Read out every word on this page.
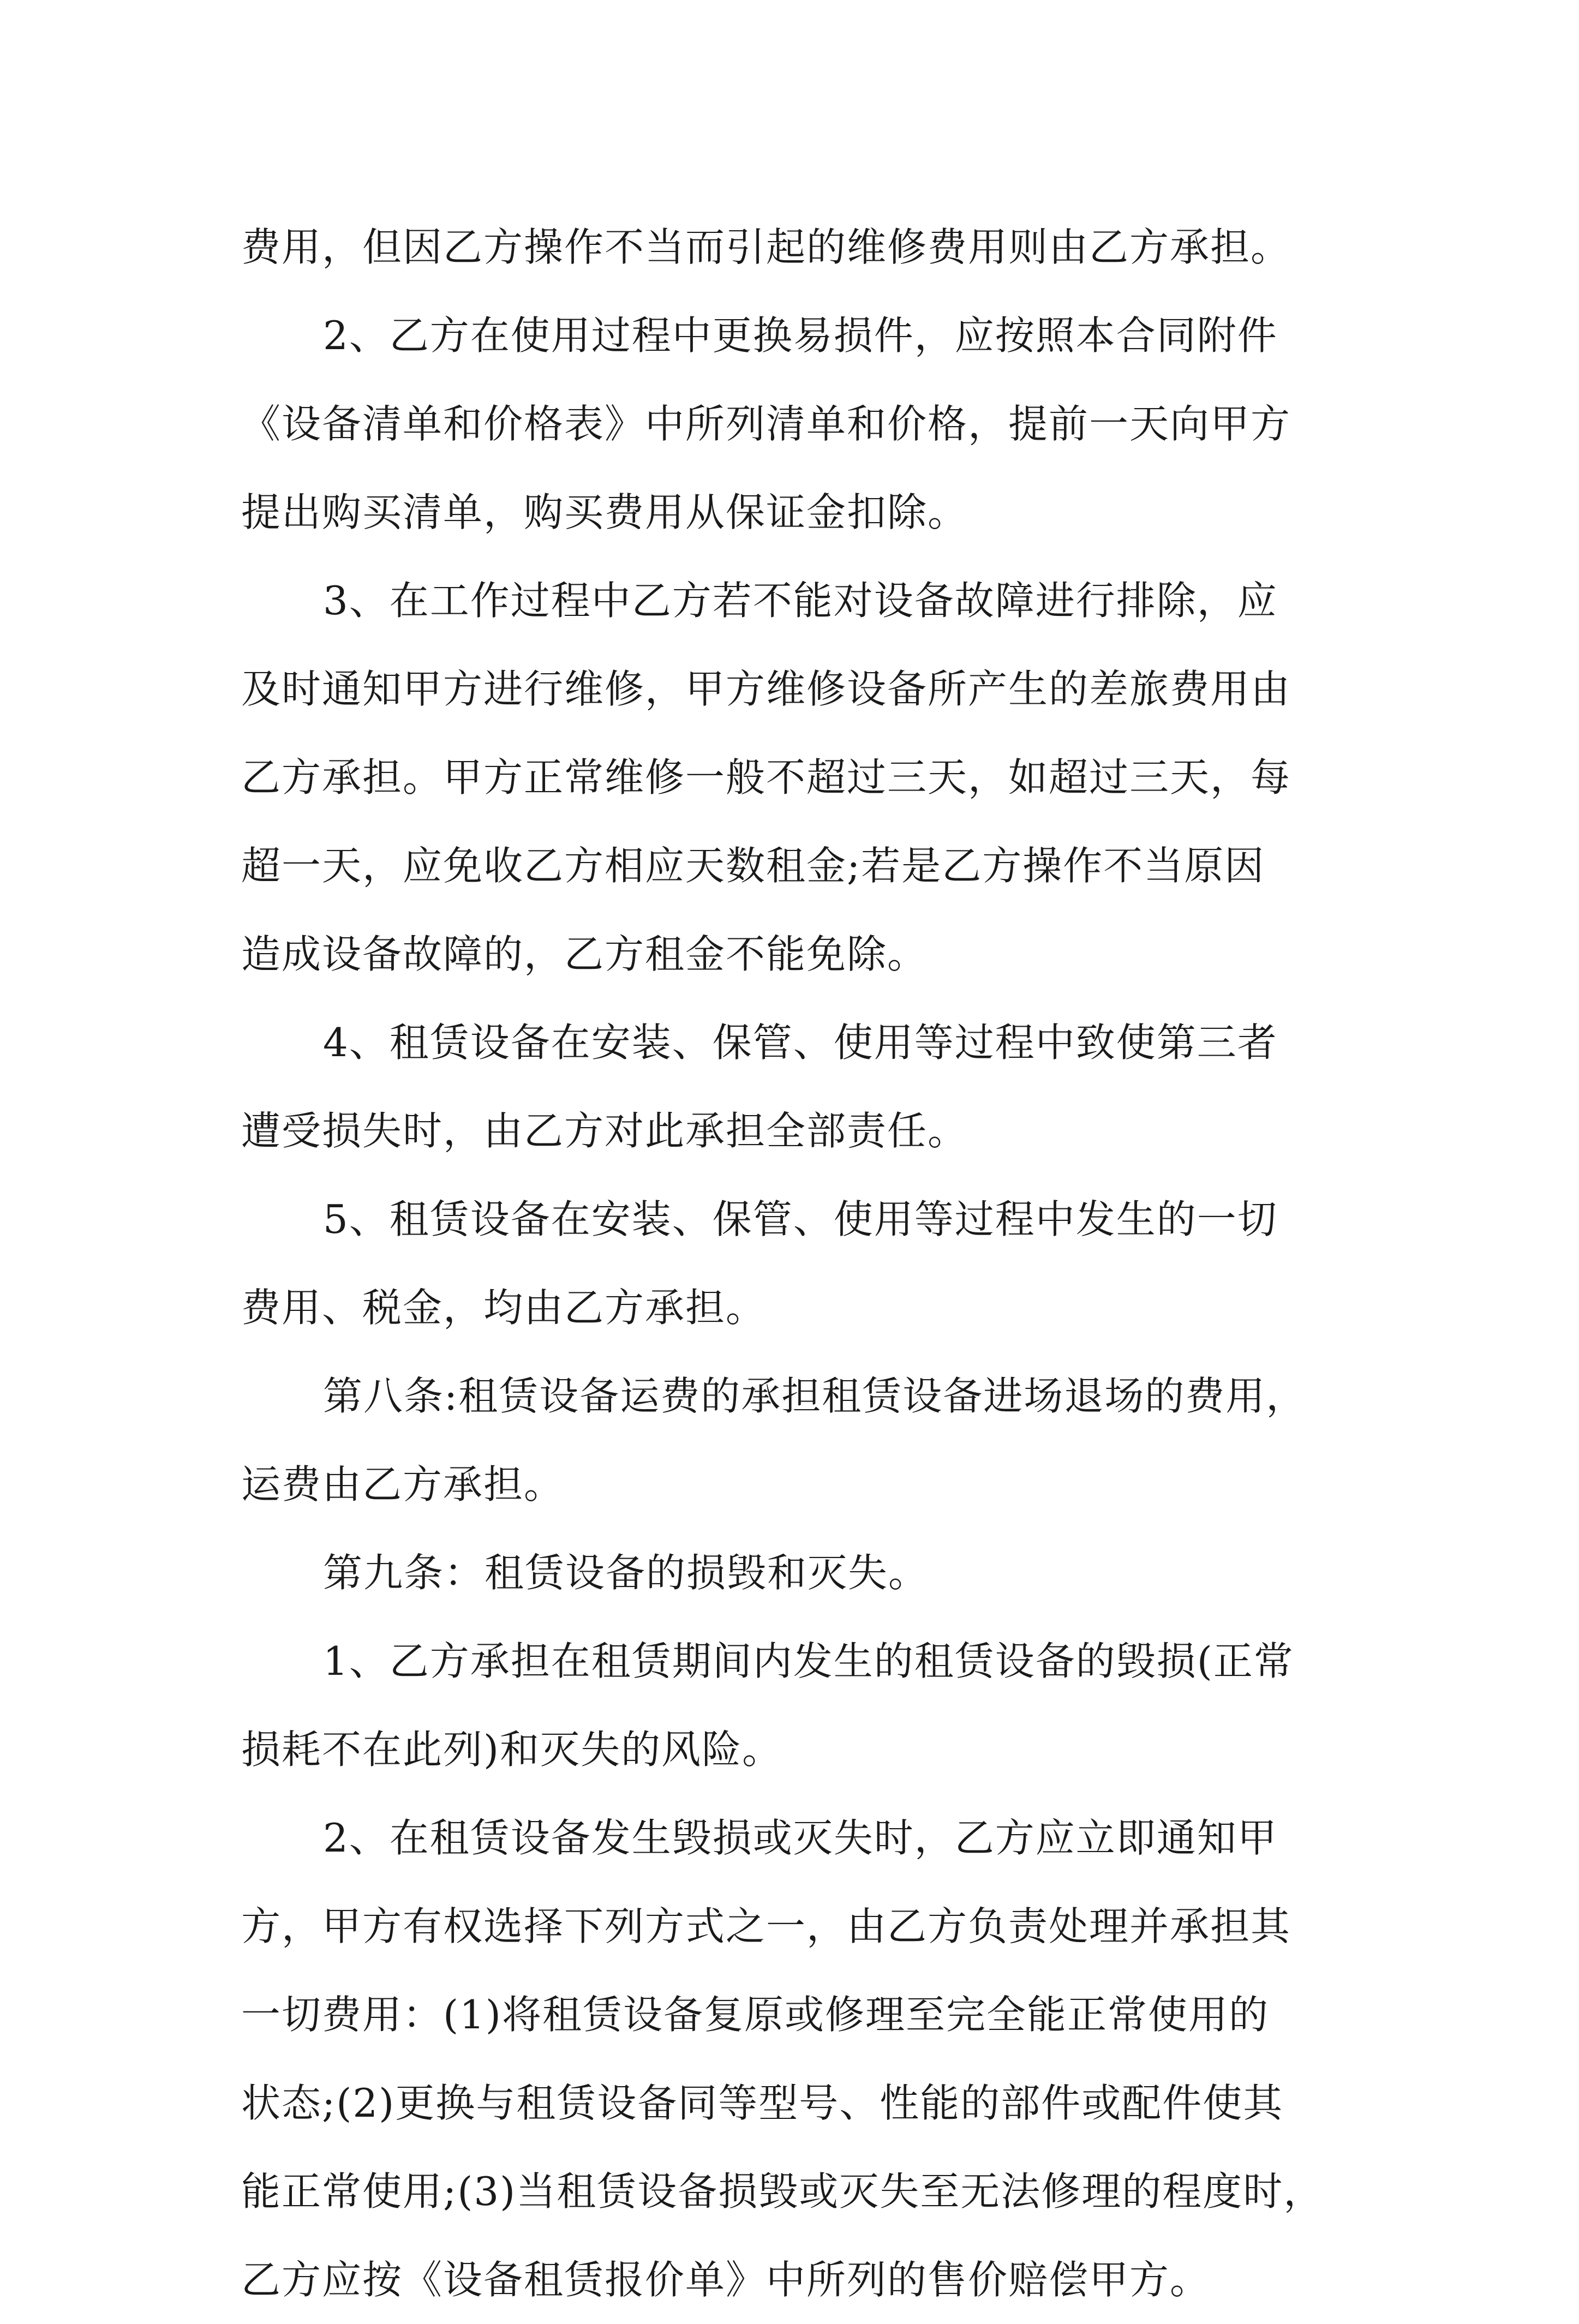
费用，但因乙方操作不当而引起的维修费用则由乙方承担。
2、乙方在使用过程中更换易损件，应按照本合同附件
《设备清单和价格表》中所列清单和价格，提前一天向甲方
提出购买清单，购买费用从保证金扣除。
3、在工作过程中乙方若不能对设备故障进行排除，应
及时通知甲方进行维修，甲方维修设备所产生的差旅费用由
乙方承担。甲方正常维修一般不超过三天，如超过三天，每
超一天，应免收乙方相应天数租金;若是乙方操作不当原因
造成设备故障的，乙方租金不能免除。
4、租赁设备在安装、保管、使用等过程中致使第三者
遭受损失时，由乙方对此承担全部责任。
5、租赁设备在安装、保管、使用等过程中发生的一切
费用、税金，均由乙方承担。
第八条:租赁设备运费的承担租赁设备进场退场的费用，
运费由乙方承担。
第九条：租赁设备的损毁和灭失。
1、乙方承担在租赁期间内发生的租赁设备的毁损(正常
损耗不在此列)和灭失的风险。
2、在租赁设备发生毁损或灭失时，乙方应立即通知甲
方，甲方有权选择下列方式之一，由乙方负责处理并承担其
一切费用：(1)将租赁设备复原或修理至完全能正常使用的
状态;(2)更换与租赁设备同等型号、性能的部件或配件使其
能正常使用;(3)当租赁设备损毁或灭失至无法修理的程度时，
乙方应按《设备租赁报价单》中所列的售价赔偿甲方。
